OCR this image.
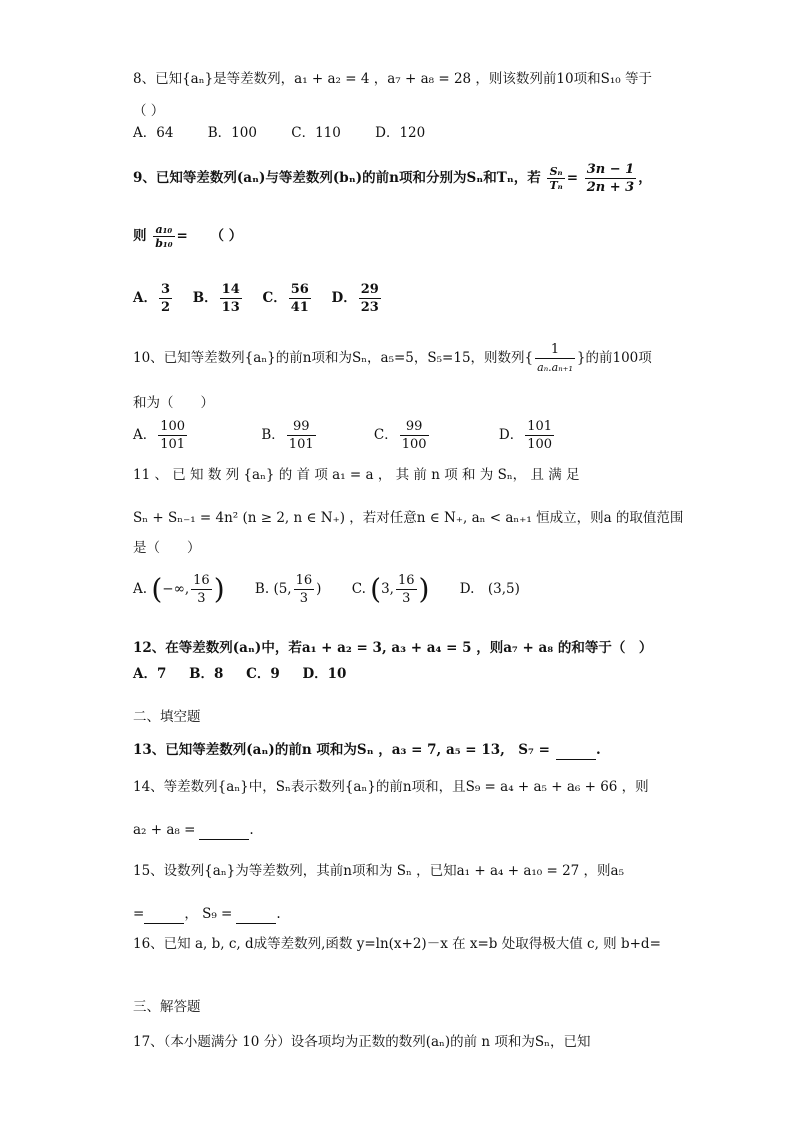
8、已知{aₙ}是等差数列，a₁ + a₂ = 4 ，a₇ + a₈ = 28 ，则该数列前10项和S₁₀ 等于
（ ）
A．64	B．100	C．110	D．120
9、已知等差数列(aₙ)与等差数列(bₙ)的前n项和分别为Sₙ和Tₙ，若 $\frac{\text{Sₙ}}{\text{Tₙ}} = \frac{3n - 1}{2n + 3}$ ，
则 $\frac{\text{a₁₀}}{\text{b₁₀}}$ = （ ）
A． $\frac{3}{2}$ B． $\frac{14}{13}$ C． $\frac{56}{41}$ D． $\frac{29}{23}$
10、已知等差数列{aₙ}的前n项和为Sₙ，a₅=5，S₅=15，则数列{ $\frac{1}{\text{aₙ.aₙ₊₁}}$ }的前100项
和为（　　）
A． $\frac{100}{101}$	B． $\frac{99}{101}$	C． $\frac{99}{100}$	D． $\frac{101}{100}$
11 、 已 知 数 列 {aₙ} 的 首 项 a₁ = a ， 其 前 n 项 和 为 Sₙ， 且 满 足
Sₙ + Sₙ₋₁ = 4n² (n ≥ 2, n ∈ N₊) ，若对任意n ∈ N₊, aₙ < aₙ₊₁ 恒成立，则a 的取值范围
是（　　）
A. (−∞, $\frac{16}{3}$ ) B. (5, $\frac{16}{3}$ ) C. (3, $\frac{16}{3}$ ) D.　(3,5)
12、在等差数列(aₙ)中，若a₁ + a₂ = 3, a₃ + a₄ = 5 ，则a₇ + a₈ 的和等于（　）
A．7 B．8 C．9 D．10
二、填空题
13、已知等差数列(aₙ)的前n 项和为Sₙ ，a₃ = 7, a₅ = 13,　S₇ =	.
14、等差数列{aₙ}中，Sₙ表示数列{aₙ}的前n项和，且S₉ = a₄ + a₅ + a₆ + 66 ，则
a₂ + a₈ =	.
15、设数列{aₙ}为等差数列，其前n项和为 Sₙ ，已知a₁ + a₄ + a₁₀ = 27 ，则a₅
=	， S₉ =	.
16、已知 a, b, c, d成等差数列,函数 y=ln(x+2)－x 在 x=b 处取得极大值 c, 则 b+d=
三、解答题
17、（本小题满分 10 分）设各项均为正数的数列(aₙ)的前 n 项和为Sₙ，已知
